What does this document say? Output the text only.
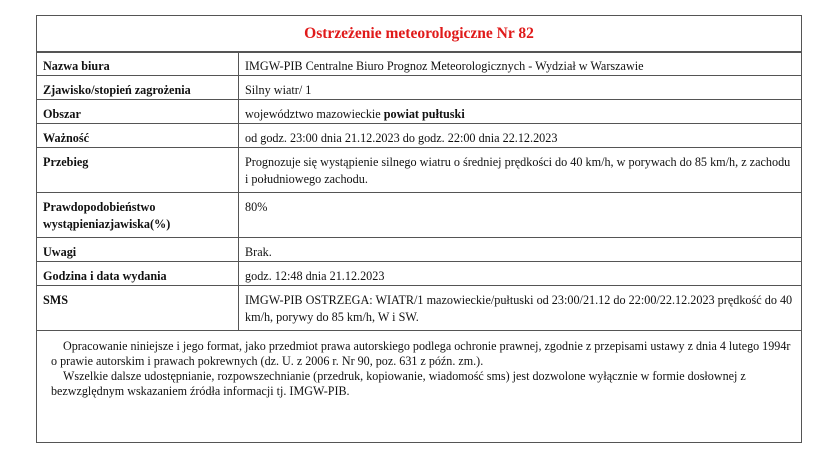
Ostrzeżenie meteorologiczne Nr 82
Nazwa biura	IMGW-PIB Centralne Biuro Prognoz Meteorologicznych - Wydział w Warszawie
Zjawisko/stopień zagrożenia	Silny wiatr/ 1
Obszar	województwo mazowieckie powiat pułtuski
Ważność	od godz. 23:00 dnia 21.12.2023 do godz. 22:00 dnia 22.12.2023
Przebieg	Prognozuje się wystąpienie silnego wiatru o średniej prędkości do 40 km/h, w porywach do 85 km/h, z zachodu i południowego zachodu.
Prawdopodobieństwo wystąpieniazjawiska(%)	80%
Uwagi	Brak.
Godzina i data wydania	godz. 12:48 dnia 21.12.2023
SMS	IMGW-PIB OSTRZEGA: WIATR/1 mazowieckie/pułtuski od 23:00/21.12 do 22:00/22.12.2023 prędkość do 40 km/h, porywy do 85 km/h, W i SW.

Opracowanie niniejsze i jego format, jako przedmiot prawa autorskiego podlega ochronie prawnej, zgodnie z przepisami ustawy z dnia 4 lutego 1994r o prawie autorskim i prawach pokrewnych (dz. U. z 2006 r. Nr 90, poz. 631 z późn. zm.).

Wszelkie dalsze udostępnianie, rozpowszechnianie (przedruk, kopiowanie, wiadomość sms) jest dozwolone wyłącznie w formie dosłownej z bezwzględnym wskazaniem źródła informacji tj. IMGW-PIB.
